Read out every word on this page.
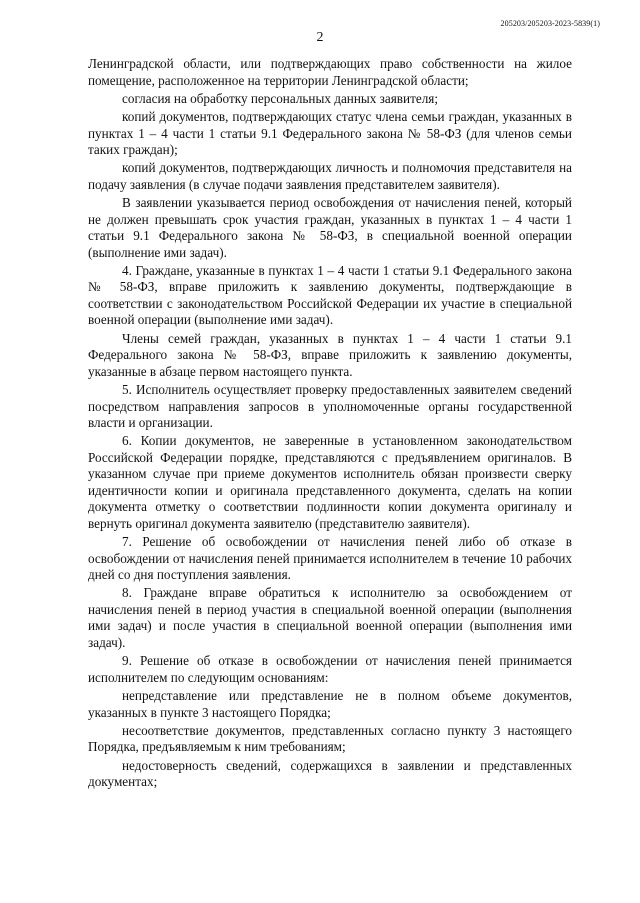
205203/205203-2023-5839(1)
2

Ленинградской области, или подтверждающих право собственности на жилое помещение, расположенное на территории Ленинградской области;

согласия на обработку персональных данных заявителя;

копий документов, подтверждающих статус члена семьи граждан, указанных в пунктах 1 – 4 части 1 статьи 9.1 Федерального закона № 58-ФЗ (для членов семьи таких граждан);

копий документов, подтверждающих личность и полномочия представителя на подачу заявления (в случае подачи заявления представителем заявителя).

В заявлении указывается период освобождения от начисления пеней, который не должен превышать срок участия граждан, указанных в пунктах 1 – 4 части 1 статьи 9.1 Федерального закона № 58-ФЗ, в специальной военной операции (выполнение ими задач).

4. Граждане, указанные в пунктах 1 – 4 части 1 статьи 9.1 Федерального закона № 58-ФЗ, вправе приложить к заявлению документы, подтверждающие в соответствии с законодательством Российской Федерации их участие в специальной военной операции (выполнение ими задач).

Члены семей граждан, указанных в пунктах 1 – 4 части 1 статьи 9.1 Федерального закона № 58-ФЗ, вправе приложить к заявлению документы, указанные в абзаце первом настоящего пункта.

5. Исполнитель осуществляет проверку предоставленных заявителем сведений посредством направления запросов в уполномоченные органы государственной власти и организации.

6. Копии документов, не заверенные в установленном законодательством Российской Федерации порядке, представляются с предъявлением оригиналов. В указанном случае при приеме документов исполнитель обязан произвести сверку идентичности копии и оригинала представленного документа, сделать на копии документа отметку о соответствии подлинности копии документа оригиналу и вернуть оригинал документа заявителю (представителю заявителя).

7. Решение об освобождении от начисления пеней либо об отказе в освобождении от начисления пеней принимается исполнителем в течение 10 рабочих дней со дня поступления заявления.

8. Граждане вправе обратиться к исполнителю за освобождением от начисления пеней в период участия в специальной военной операции (выполнения ими задач) и после участия в специальной военной операции (выполнения ими задач).

9. Решение об отказе в освобождении от начисления пеней принимается исполнителем по следующим основаниям:

непредставление или представление не в полном объеме документов, указанных в пункте 3 настоящего Порядка;

несоответствие документов, представленных согласно пункту 3 настоящего Порядка, предъявляемым к ним требованиям;

недостоверность сведений, содержащихся в заявлении и представленных документах;
